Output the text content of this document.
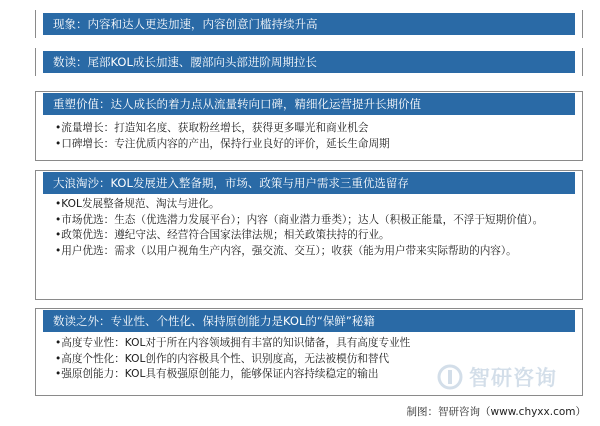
现象：内容和达人更迭加速，内容创意门槛持续升高
数读：尾部KOL成长加速、腰部向头部进阶周期拉长
重塑价值：达人成长的着力点从流量转向口碑，精细化运营提升长期价值
•流量增长：打造知名度、获取粉丝增长，获得更多曝光和商业机会
•口碑增长：专注优质内容的产出，保持行业良好的评价，延长生命周期
大浪淘沙：KOL发展进入整备期，市场、政策与用户需求三重优选留存
•KOL发展整备规范、淘汰与进化。
•市场优选：生态（优选潜力发展平台）；内容（商业潜力垂类）；达人（积极正能量，不浮于短期价值）。
•政策优选：遵纪守法、经营符合国家法律法规；相关政策扶持的行业。
•用户优选：需求（以用户视角生产内容，强交流、交互）；收获（能为用户带来实际帮助的内容）。
数读之外：专业性、个性化、保持原创能力是KOL的“保鲜”秘籍
•高度专业性：KOL对于所在内容领域拥有丰富的知识储备，具有高度专业性
•高度个性化：KOL创作的内容极具个性、识别度高，无法被模仿和替代
•强原创能力：KOL具有极强原创能力，能够保证内容持续稳定的输出	智研咨询
制图：智研咨询（www.chyxx.com）
